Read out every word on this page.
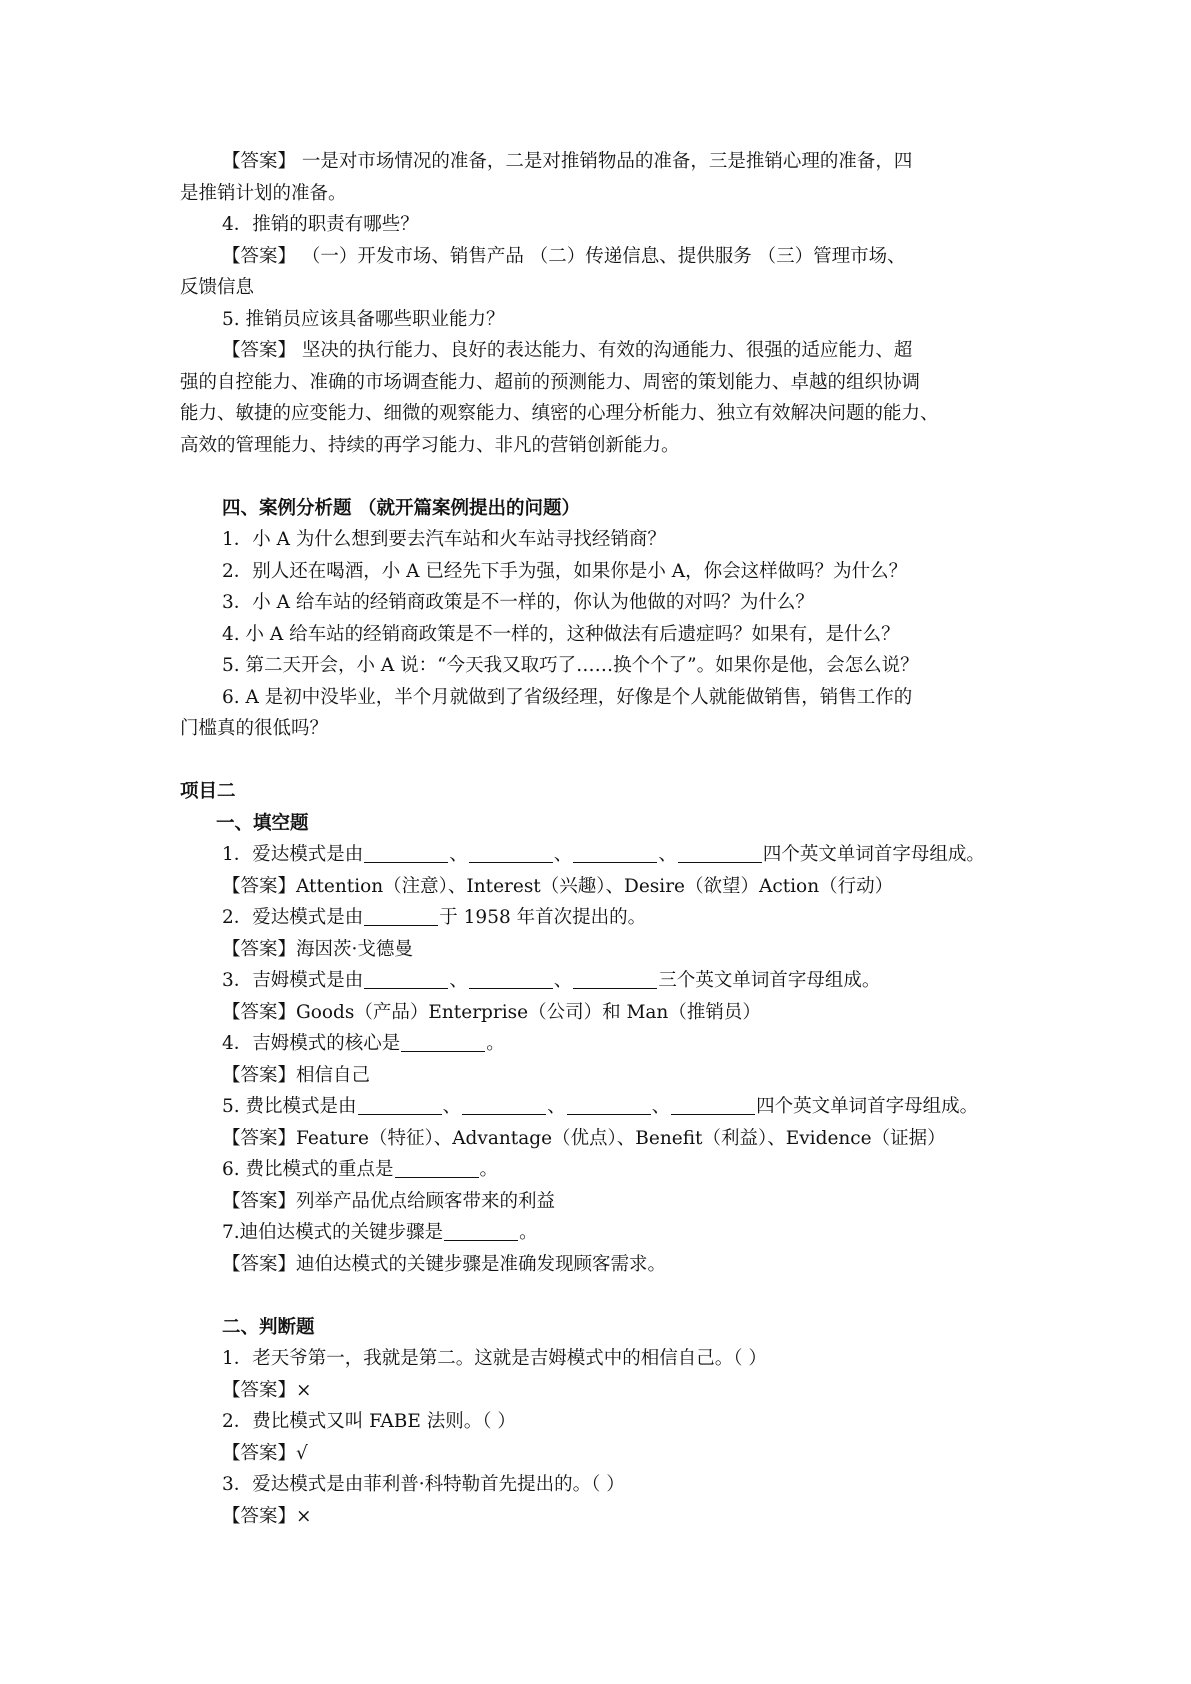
【答案】 一是对市场情况的准备，二是对推销物品的准备，三是推销心理的准备，四
是推销计划的准备。
4．推销的职责有哪些？
【答案】 （一）开发市场、销售产品 （二）传递信息、提供服务 （三）管理市场、
反馈信息
5. 推销员应该具备哪些职业能力？
【答案】 坚决的执行能力、良好的表达能力、有效的沟通能力、很强的适应能力、超
强的自控能力、准确的市场调查能力、超前的预测能力、周密的策划能力、卓越的组织协调
能力、敏捷的应变能力、细微的观察能力、缜密的心理分析能力、独立有效解决问题的能力、
高效的管理能力、持续的再学习能力、非凡的营销创新能力。
四、案例分析题 （就开篇案例提出的问题）
1．小 A 为什么想到要去汽车站和火车站寻找经销商？
2．别人还在喝酒，小 A 已经先下手为强，如果你是小 A，你会这样做吗？为什么？
3．小 A 给车站的经销商政策是不一样的，你认为他做的对吗？为什么？
4. 小 A 给车站的经销商政策是不一样的，这种做法有后遗症吗？如果有，是什么？
5. 第二天开会，小 A 说：“今天我又取巧了……换个个了”。如果你是他，会怎么说？
6. A 是初中没毕业，半个月就做到了省级经理，好像是个人就能做销售，销售工作的
门槛真的很低吗？
项目二
一、填空题
1．爱达模式是由	、	、	、	四个英文单词首字母组成。
【答案】Attention（注意）、Interest（兴趣）、Desire（欲望）Action（行动）
2．爱达模式是由	于 1958 年首次提出的。
【答案】海因茨·戈德曼
3．吉姆模式是由	、	、	三个英文单词首字母组成。
【答案】Goods（产品）Enterprise（公司）和 Man（推销员）
4．吉姆模式的核心是	。
【答案】相信自己
5. 费比模式是由	、	、	、	四个英文单词首字母组成。
【答案】Feature（特征）、Advantage（优点）、Benefit（利益）、Evidence（证据）
6. 费比模式的重点是	。
【答案】列举产品优点给顾客带来的利益
7.迪伯达模式的关键步骤是	。
【答案】迪伯达模式的关键步骤是准确发现顾客需求。
二、判断题
1．老天爷第一，我就是第二。这就是吉姆模式中的相信自己。（ ）
【答案】×
2．费比模式又叫 FABE 法则。（ ）
【答案】√
3．爱达模式是由菲利普·科特勒首先提出的。（ ）
【答案】×
